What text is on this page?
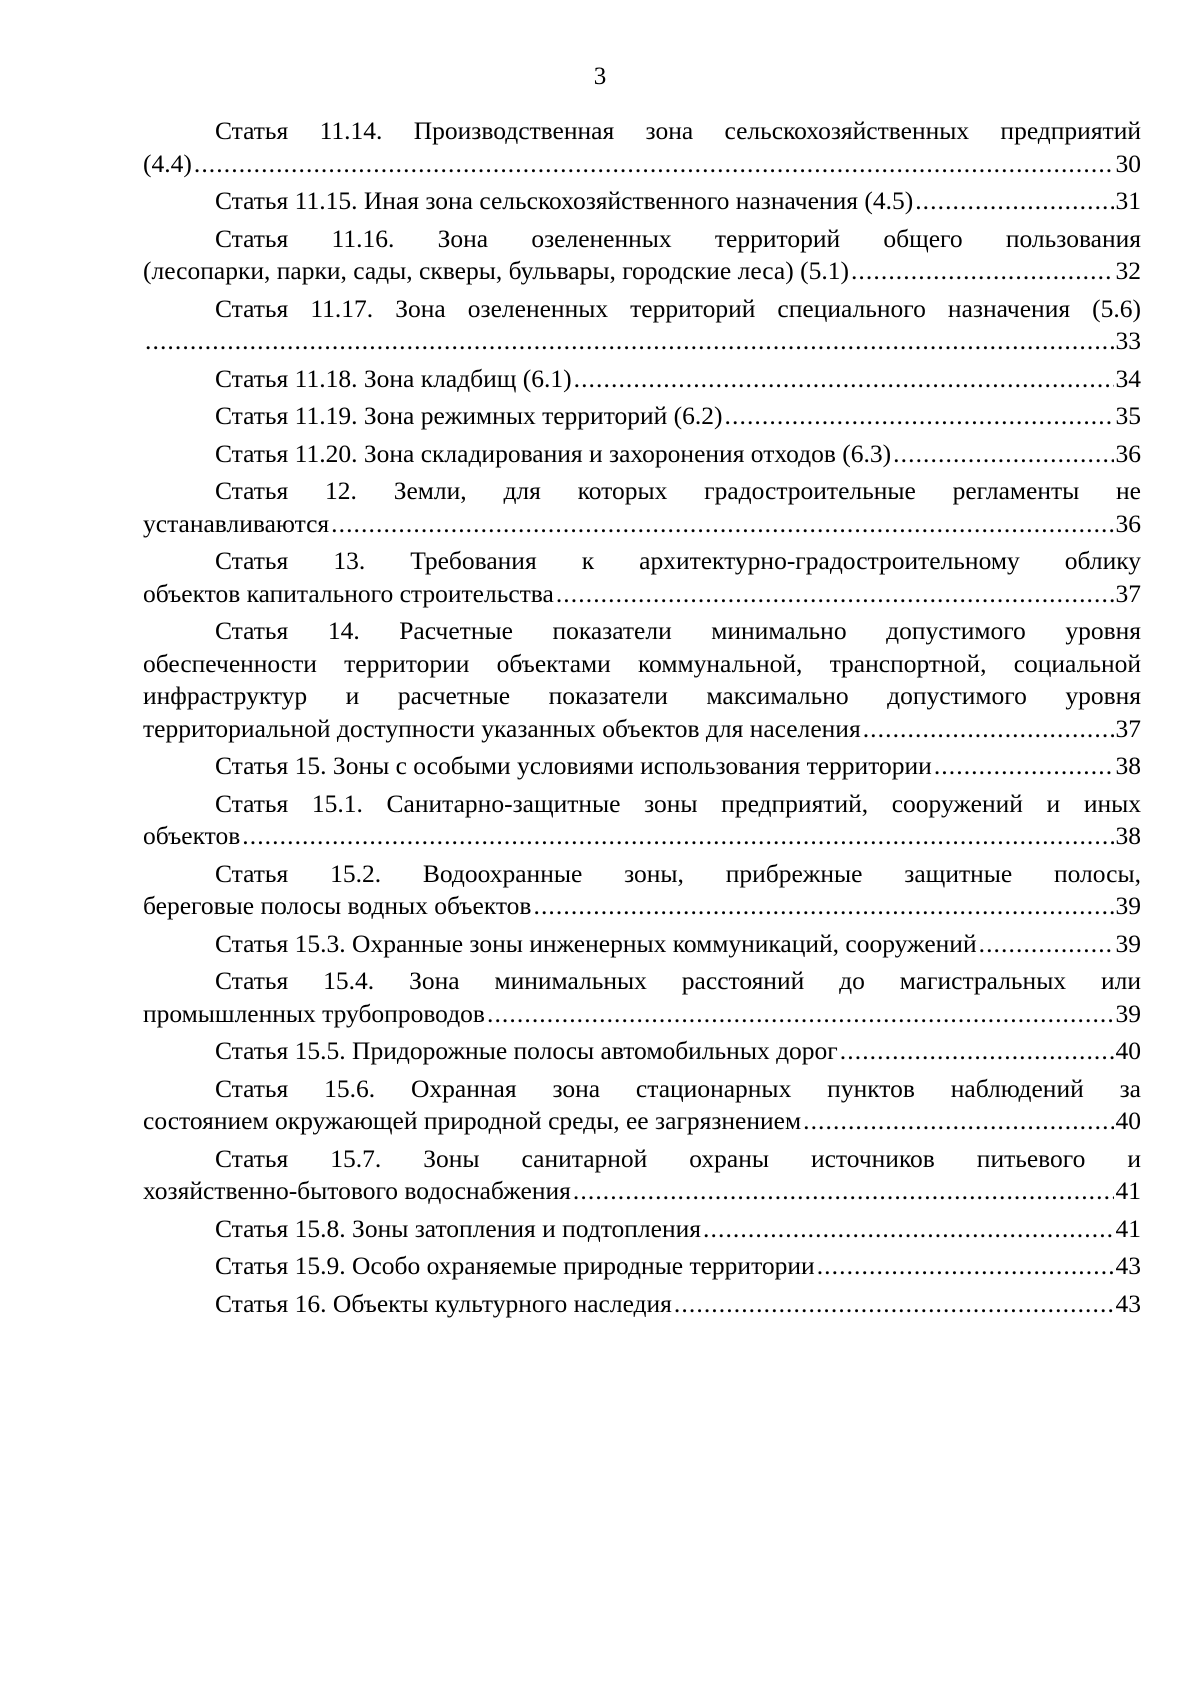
3
Статья 11.14. Производственная зона сельскохозяйственных предприятий
(4.4) .....	30
Статья 11.15. Иная зона сельскохозяйственного назначения (4.5) .....	31
Статья 11.16. Зона озелененных территорий общего пользования
(лесопарки, парки, сады, скверы, бульвары, городские леса) (5.1) .....	32
Статья 11.17. Зона озелененных территорий специального назначения (5.6)
.....
33
Статья 11.18. Зона кладбищ (6.1) .....	34
Статья 11.19. Зона режимных территорий (6.2) .....	35
Статья 11.20. Зона складирования и захоронения отходов (6.3) .....	36
Статья 12. Земли, для которых градостроительные регламенты не
устанавливаются .....	36
Статья 13. Требования к архитектурно-градостроительному облику
объектов капитального строительства .....	37
Статья 14. Расчетные показатели минимально допустимого уровня
обеспеченности территории объектами коммунальной, транспортной, социальной
инфраструктур и расчетные показатели максимально допустимого уровня
территориальной доступности указанных объектов для населения .....	37
Статья 15. Зоны с особыми условиями использования территории .....	38
Статья 15.1. Санитарно-защитные зоны предприятий, сооружений и иных
объектов .....	38
Статья 15.2. Водоохранные зоны, прибрежные защитные полосы,
береговые полосы водных объектов .....	39
Статья 15.3. Охранные зоны инженерных коммуникаций, сооружений .....	39
Статья 15.4. Зона минимальных расстояний до магистральных или
промышленных трубопроводов .....	39
Статья 15.5. Придорожные полосы автомобильных дорог .....	40
Статья 15.6. Охранная зона стационарных пунктов наблюдений за
состоянием окружающей природной среды, ее загрязнением .....	40
Статья 15.7. Зоны санитарной охраны источников питьевого и
хозяйственно-бытового водоснабжения .....	41
Статья 15.8. Зоны затопления и подтопления .....	41
Статья 15.9. Особо охраняемые природные территории .....	43
Статья 16. Объекты культурного наследия .....	43
